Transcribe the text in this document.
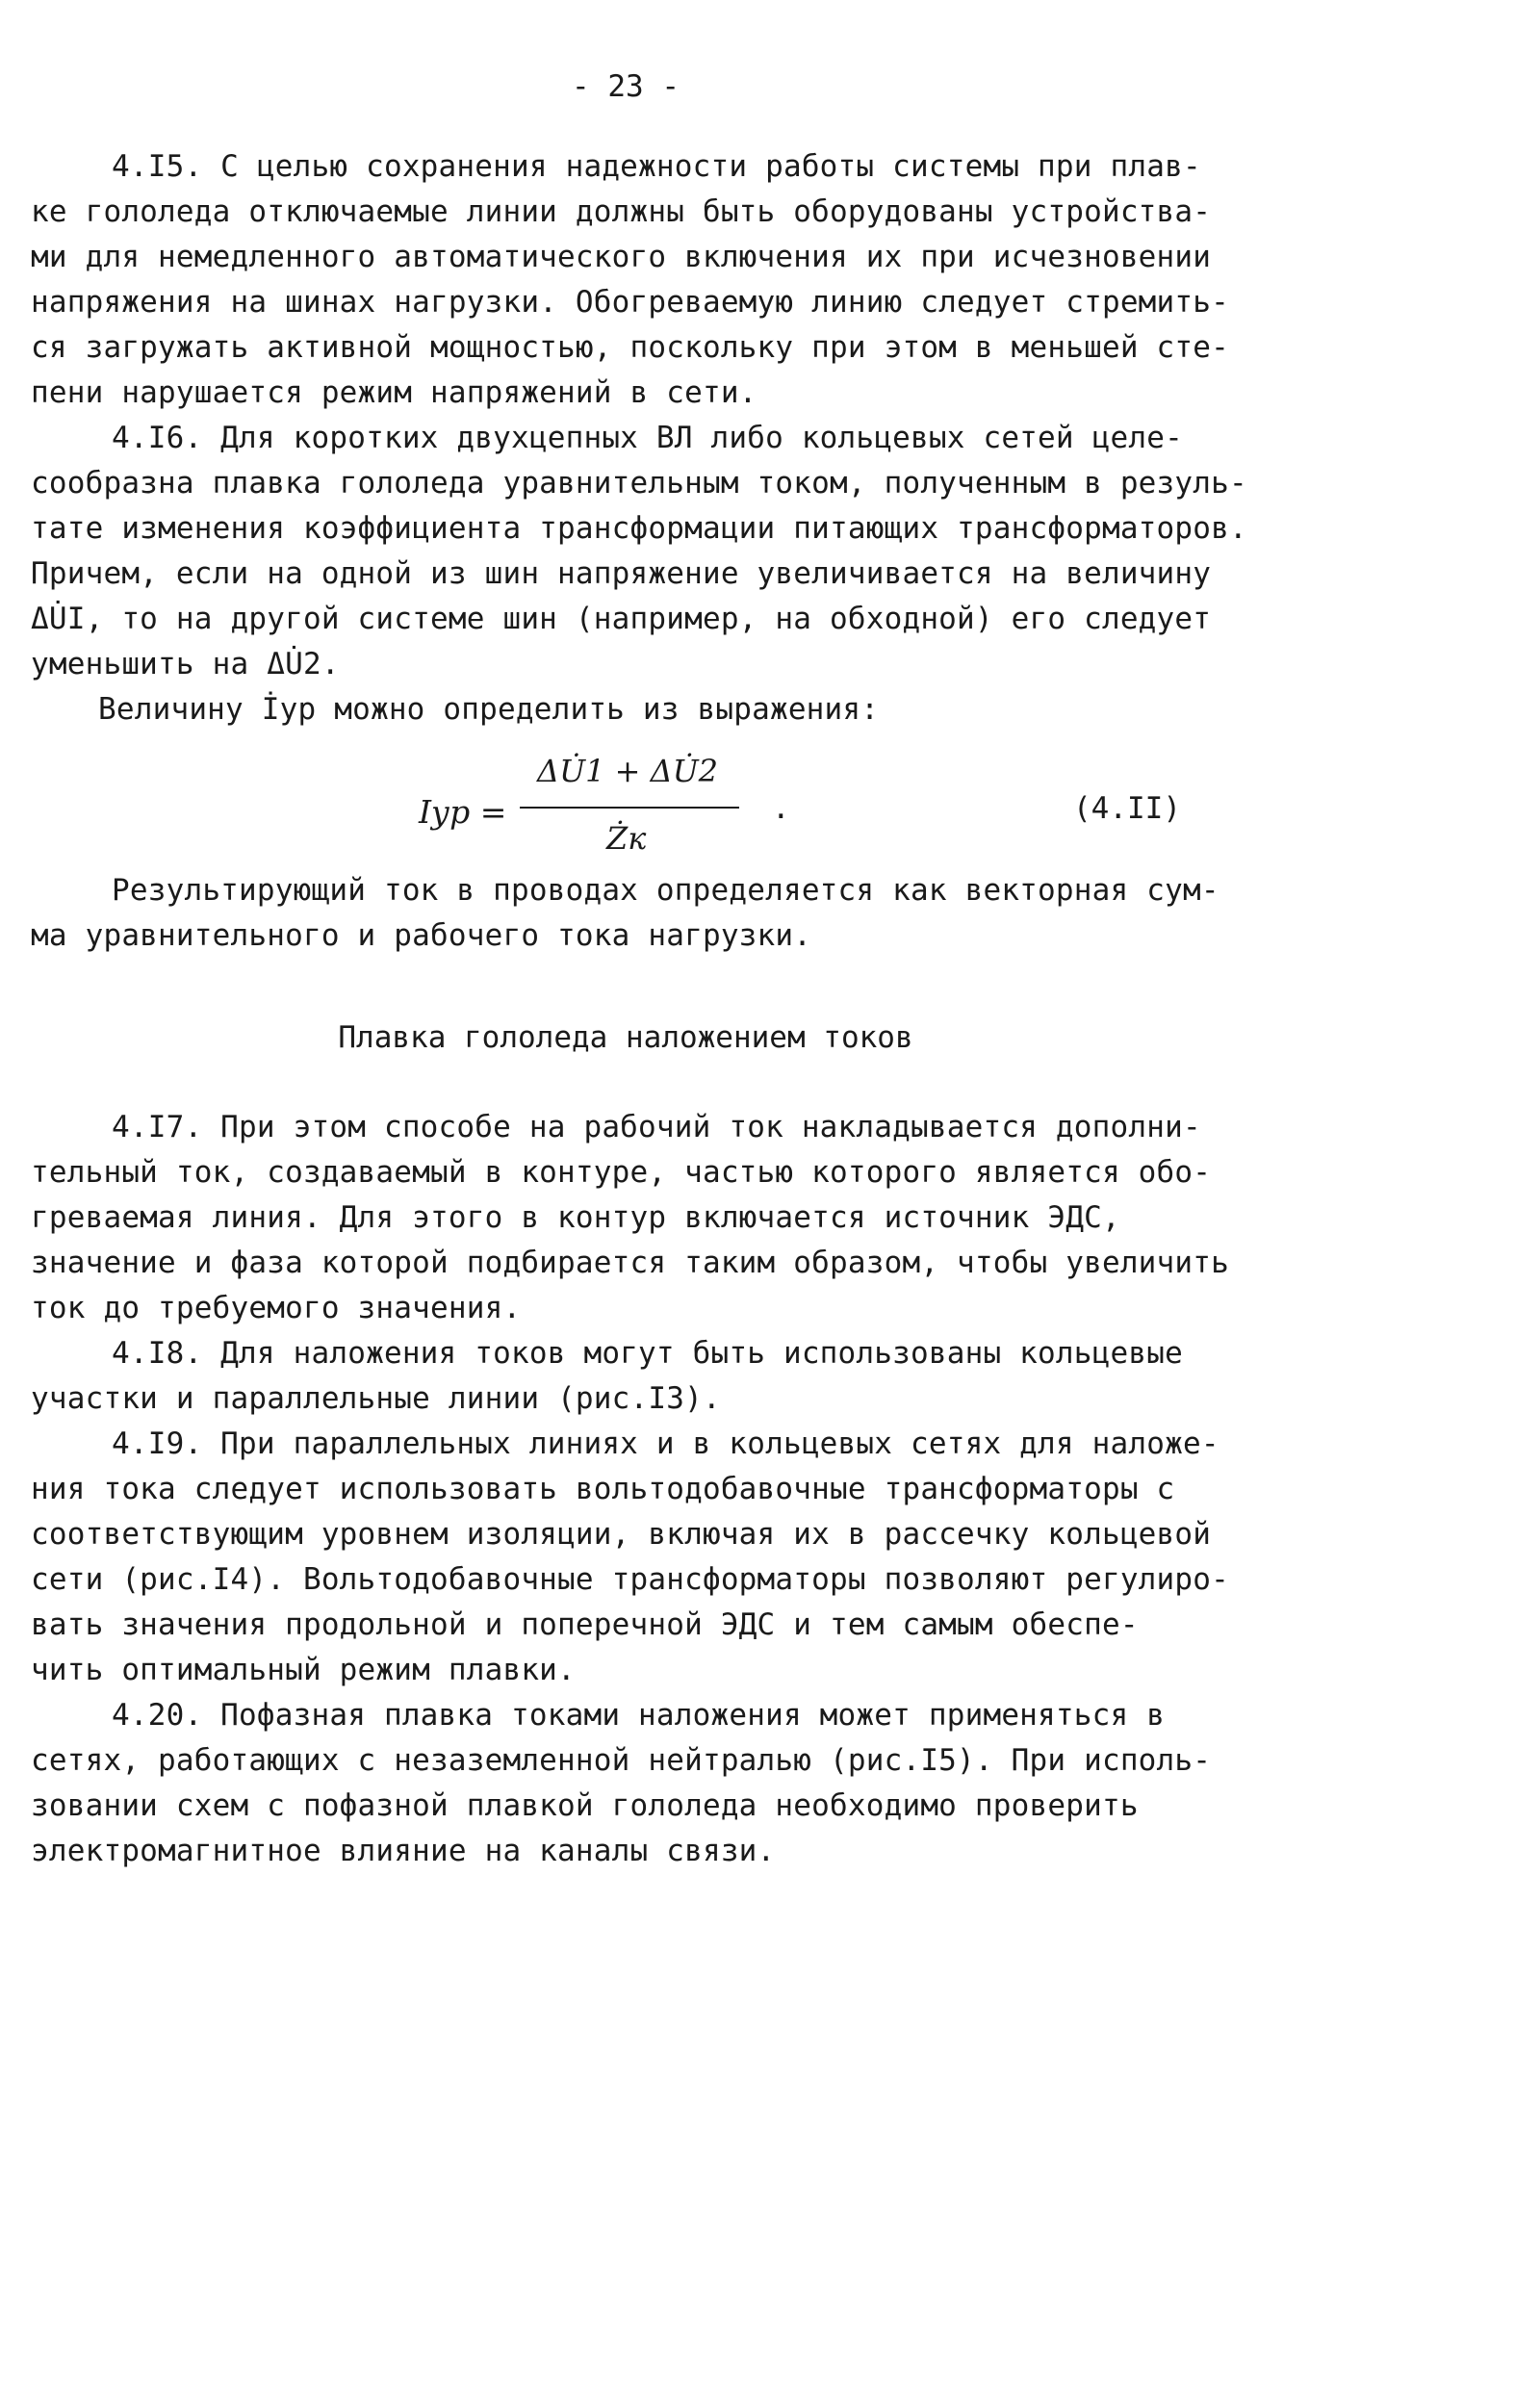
- 23 -

4.I5. С целью сохранения надежности работы системы при плав-
ке гололеда отключаемые линии должны быть оборудованы устройства-
ми для немедленного автоматического включения их при исчезновении
напряжения на шинах нагрузки. Обогреваемую линию следует стремить-
ся загружать активной мощностью, поскольку при этом в меньшей сте-
пени нарушается режим напряжений в сети.

4.I6. Для коротких двухцепных ВЛ либо кольцевых сетей целе-
сообразна плавка гололеда уравнительным током, полученным в резуль-
тате изменения коэффициента трансформации питающих трансформаторов.
Причем, если на одной из шин напряжение увеличивается на величину
ΔU̇I, то на другой системе шин (например, на обходной) его следует
уменьшить на ΔU̇2.

Величину İур можно определить из выражения:

Iур =
ΔU̇1 + ΔU̇2
Żк
.	(4.II)

Результирующий ток в проводах определяется как векторная сум-
ма уравнительного и рабочего тока нагрузки.

Плавка гололеда наложением токов

4.I7. При этом способе на рабочий ток накладывается дополни-
тельный ток, создаваемый в контуре, частью которого является обо-
греваемая линия. Для этого в контур включается источник ЭДС,
значение и фаза которой подбирается таким образом, чтобы увеличить
ток до требуемого значения.

4.I8. Для наложения токов могут быть использованы кольцевые
участки и параллельные линии (рис.I3).

4.I9. При параллельных линиях и в кольцевых сетях для наложе-
ния тока следует использовать вольтодобавочные трансформаторы с
соответствующим уровнем изоляции, включая их в рассечку кольцевой
сети (рис.I4). Вольтодобавочные трансформаторы позволяют регулиро-
вать значения продольной и поперечной ЭДС и тем самым обеспе-
чить оптимальный режим плавки.

4.20. Пофазная плавка токами наложения может применяться в
сетях, работающих с незаземленной нейтралью (рис.I5). При исполь-
зовании схем с пофазной плавкой гололеда необходимо проверить
электромагнитное влияние на каналы связи.
